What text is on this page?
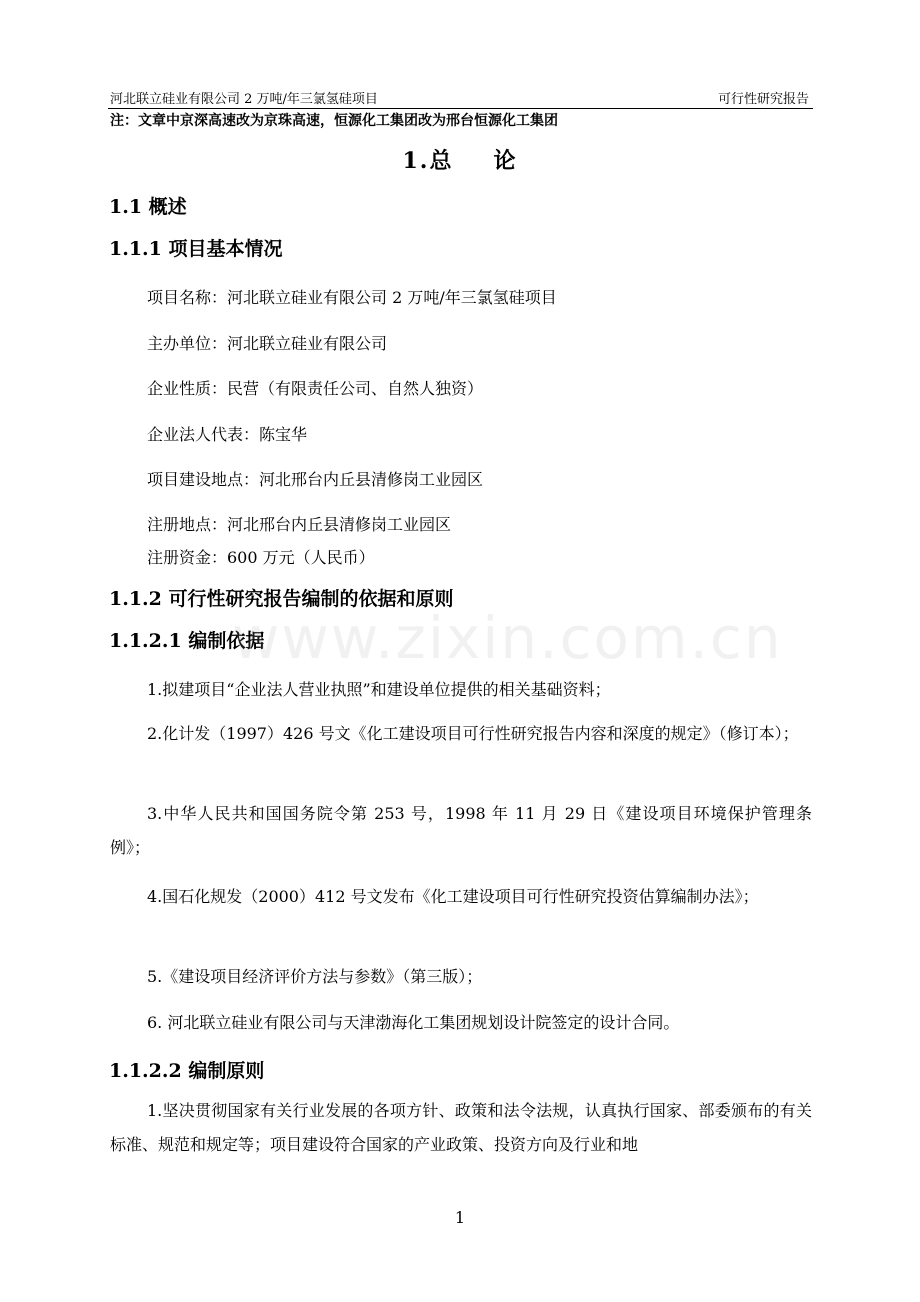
河北联立硅业有限公司 2 万吨/年三氯氢硅项目	可行性研究报告
注：文章中京深高速改为京珠高速，恒源化工集团改为邢台恒源化工集团
1.总 论
1.1 概述
1.1.1 项目基本情况
项目名称：河北联立硅业有限公司 2 万吨/年三氯氢硅项目
主办单位：河北联立硅业有限公司
企业性质：民营（有限责任公司、自然人独资）
企业法人代表：陈宝华
项目建设地点：河北邢台内丘县清修岗工业园区
注册地点：河北邢台内丘县清修岗工业园区
注册资金：600 万元（人民币）
1.1.2 可行性研究报告编制的依据和原则
1.1.2.1 编制依据
1.拟建项目“企业法人营业执照”和建设单位提供的相关基础资料；
2.化计发（1997）426 号文《化工建设项目可行性研究报告内容和深度的规定》（修订本）；
3.中华人民共和国国务院令第 253 号，1998 年 11 月 29 日《建设项目环境保护管理条例》；
4.国石化规发（2000）412 号文发布《化工建设项目可行性研究投资估算编制办法》；
5.《建设项目经济评价方法与参数》（第三版）；
6. 河北联立硅业有限公司与天津渤海化工集团规划设计院签定的设计合同。
1.1.2.2 编制原则
1.坚决贯彻国家有关行业发展的各项方针、政策和法令法规，认真执行国家、部委颁布的有关标准、规范和规定等；项目建设符合国家的产业政策、投资方向及行业和地
www.zixin.com.cn
1
